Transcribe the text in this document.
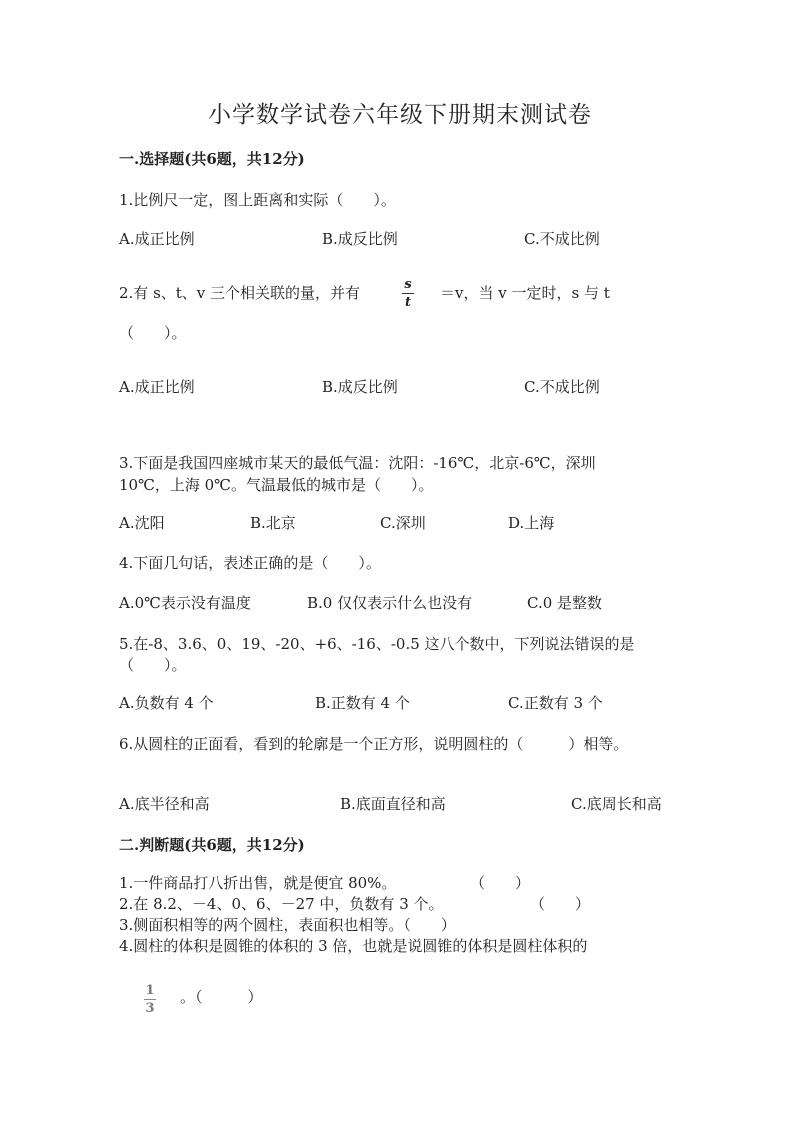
小学数学试卷六年级下册期末测试卷
一.选择题(共6题，共12分)
1.比例尺一定，图上距离和实际（　　）。
A.成正比例	B.成反比例	C.不成比例
2.有 s、t、v 三个相关联的量，并有	s
t
＝v，当 v 一定时，s 与 t
（　　）。
A.成正比例	B.成反比例	C.不成比例
3.下面是我国四座城市某天的最低气温：沈阳：-16℃，北京-6℃，深圳
10℃，上海 0℃。气温最低的城市是（　　）。
A.沈阳	B.北京	C.深圳	D.上海
4.下面几句话，表述正确的是（　　）。
A.0℃表示没有温度	B.0 仅仅表示什么也没有	C.0 是整数
5.在-8、3.6、0、19、-20、+6、-16、-0.5 这八个数中，下列说法错误的是
（　　）。
A.负数有 4 个	B.正数有 4 个	C.正数有 3 个
6.从圆柱的正面看，看到的轮廓是一个正方形，说明圆柱的（　　　）相等。
A.底半径和高	B.底面直径和高	C.底周长和高
二.判断题(共6题，共12分)
1.一件商品打八折出售，就是便宜 80%。	（　　）
2.在 8.2、－4、0、6、－27 中，负数有 3 个。	（　　）
3.侧面积相等的两个圆柱，表面积也相等。（　　）
4.圆柱的体积是圆锥的体积的 3 倍，也就是说圆锥的体积是圆柱体积的
1
3
。（　　　）
